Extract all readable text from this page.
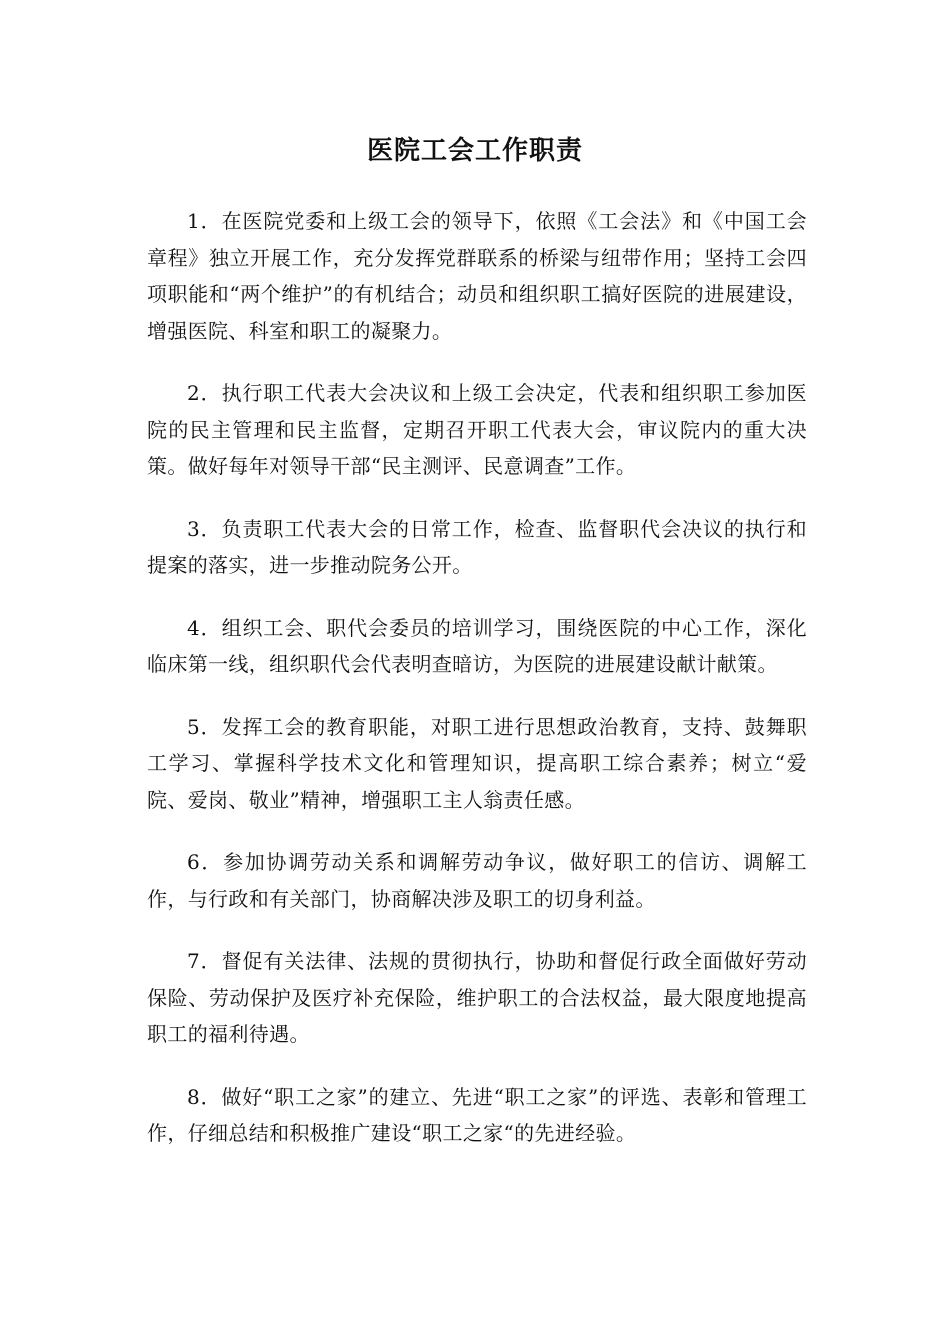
医院工会工作职责

1．在医院党委和上级工会的领导下，依照《工会法》和《中国工会章程》独立开展工作，充分发挥党群联系的桥梁与纽带作用；坚持工会四项职能和“两个维护”的有机结合；动员和组织职工搞好医院的进展建设，增强医院、科室和职工的凝聚力。

2．执行职工代表大会决议和上级工会决定，代表和组织职工参加医院的民主管理和民主监督，定期召开职工代表大会，审议院内的重大决策。做好每年对领导干部“民主测评、民意调查”工作。

3．负责职工代表大会的日常工作，检查、监督职代会决议的执行和提案的落实，进一步推动院务公开。

4．组织工会、职代会委员的培训学习，围绕医院的中心工作，深化临床第一线，组织职代会代表明查暗访，为医院的进展建设献计献策。

5．发挥工会的教育职能，对职工进行思想政治教育，支持、鼓舞职工学习、掌握科学技术文化和管理知识，提高职工综合素养；树立“爱院、爱岗、敬业”精神，增强职工主人翁责任感。

6．参加协调劳动关系和调解劳动争议，做好职工的信访、调解工作，与行政和有关部门，协商解决涉及职工的切身利益。

7．督促有关法律、法规的贯彻执行，协助和督促行政全面做好劳动保险、劳动保护及医疗补充保险，维护职工的合法权益，最大限度地提高职工的福利待遇。

8．做好“职工之家”的建立、先进“职工之家”的评选、表彰和管理工作，仔细总结和积极推广建设“职工之家“的先进经验。
